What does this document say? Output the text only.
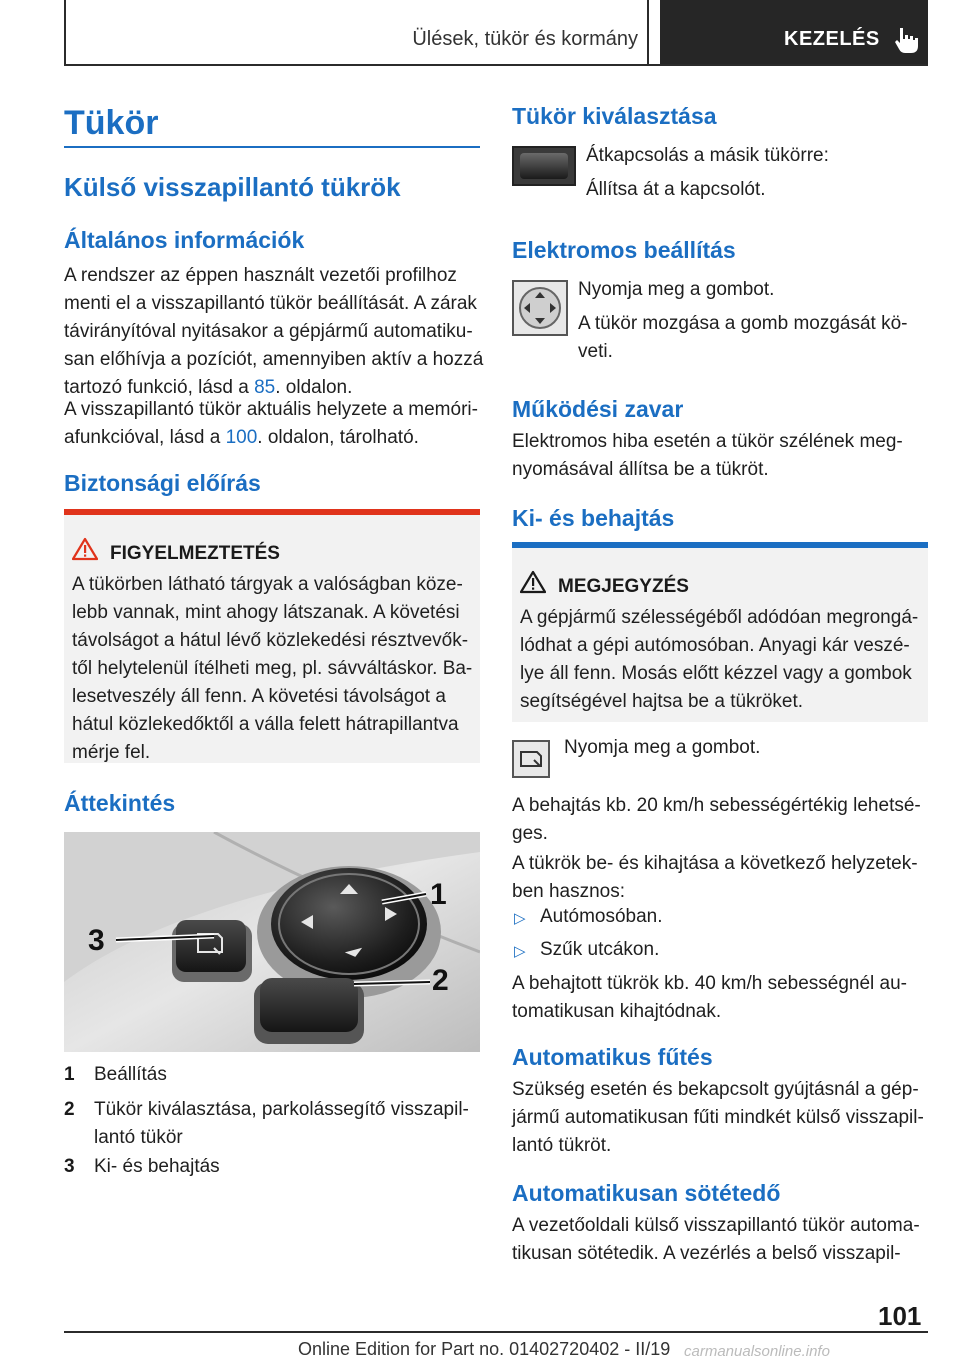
Ülések, tükör és kormány	KEZELÉS
Tükör
Külső visszapillantó tükrök
Általános információk
A rendszer az éppen használt vezetői profilhoz
menti el a visszapillantó tükör beállítását. A zárak
távirányítóval nyitásakor a gépjármű automatiku-
san előhívja a pozíciót, amennyiben aktív a hozzá
tartozó funkció, lásd a 85. oldalon.
A visszapillantó tükör aktuális helyzete a memóri-
afunkcióval, lásd a 100. oldalon, tárolható.
Biztonsági előírás
FIGYELMEZTETÉS
A tükörben látható tárgyak a valóságban köze-
lebb vannak, mint ahogy látszanak. A követési
távolságot a hátul lévő közlekedési résztvevők-
től helytelenül ítélheti meg, pl. sávváltáskor. Ba-
lesetveszély áll fenn. A követési távolságot a
hátul közlekedőktől a válla felett hátrapillantva
mérje fel.
Áttekintés
1
2
3
1 Beállítás
2 Tükör kiválasztása, parkolássegítő visszapil-
lantó tükör
3 Ki- és behajtás
Tükör kiválasztása
Átkapcsolás a másik tükörre:
Állítsa át a kapcsolót.
Elektromos beállítás
Nyomja meg a gombot.
A tükör mozgása a gomb mozgását kö-
veti.
Működési zavar
Elektromos hiba esetén a tükör szélének meg-
nyomásával állítsa be a tükröt.
Ki- és behajtás
MEGJEGYZÉS
A gépjármű szélességéből adódóan megrongá-
lódhat a gépi autómosóban. Anyagi kár veszé-
lye áll fenn. Mosás előtt kézzel vagy a gombok
segítségével hajtsa be a tükröket.
Nyomja meg a gombot.
A behajtás kb. 20 km/h sebességértékig lehetsé-
ges.
A tükrök be- és kihajtása a következő helyzetek-
ben hasznos:
▷ Autómosóban.
▷ Szűk utcákon.
A behajtott tükrök kb. 40 km/h sebességnél au-
tomatikusan kihajtódnak.
Automatikus fűtés
Szükség esetén és bekapcsolt gyújtásnál a gép-
jármű automatikusan fűti mindkét külső visszapil-
lantó tükröt.
Automatikusan sötétedő
A vezetőoldali külső visszapillantó tükör automa-
tikusan sötétedik. A vezérlés a belső visszapil-
101
Online Edition for Part no. 01402720402 - II/19 carmanualsonline.info
